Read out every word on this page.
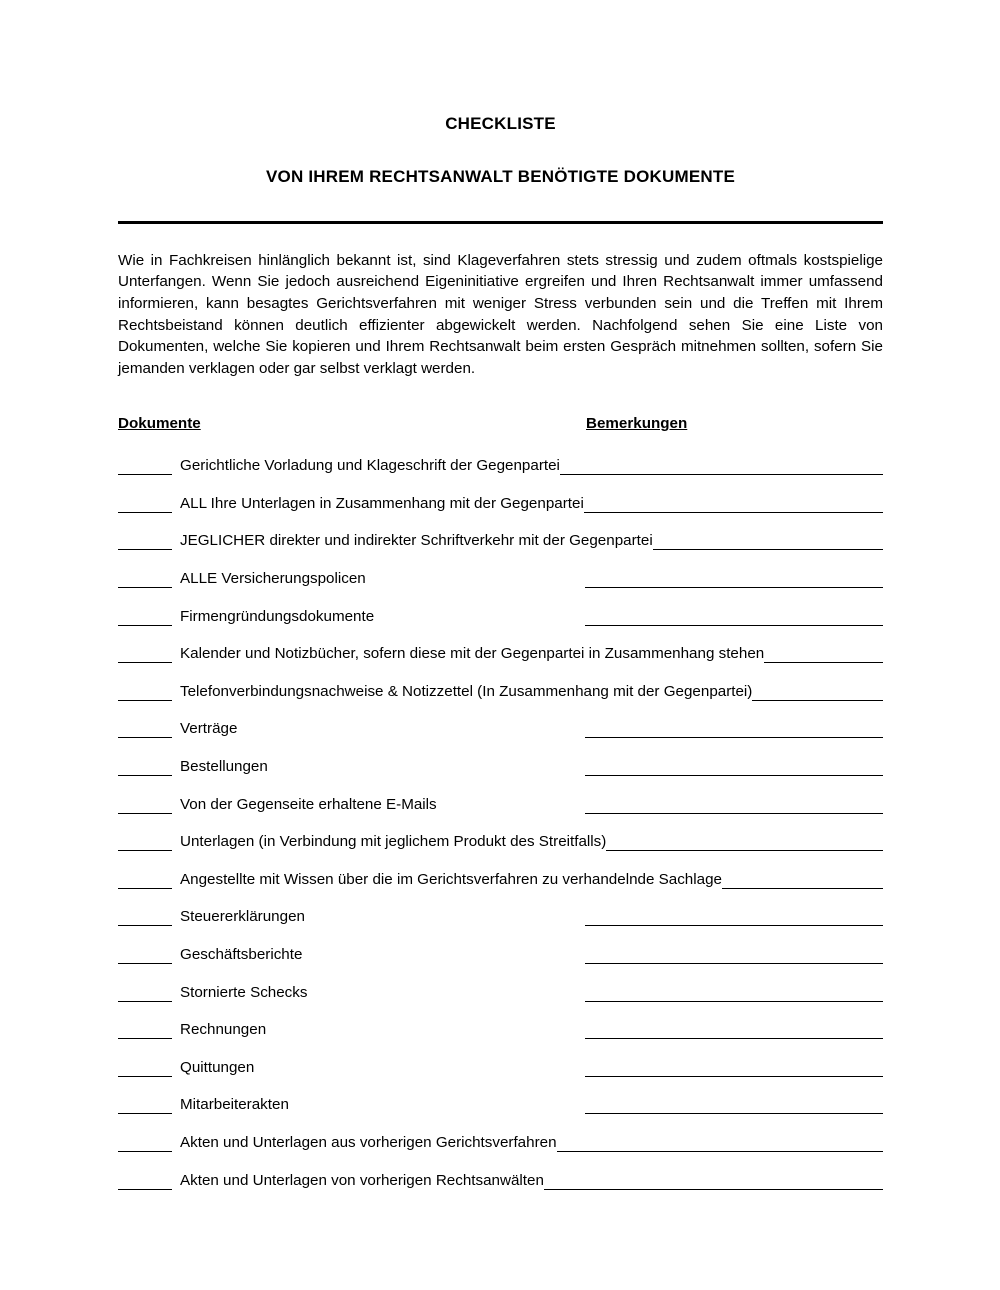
CHECKLISTE
VON IHREM RECHTSANWALT BENÖTIGTE DOKUMENTE

Wie in Fachkreisen hinlänglich bekannt ist, sind Klageverfahren stets stressig und zudem oftmals kostspielige Unterfangen. Wenn Sie jedoch ausreichend Eigeninitiative ergreifen und Ihren Rechtsanwalt immer umfassend informieren, kann besagtes Gerichtsverfahren mit weniger Stress verbunden sein und die Treffen mit Ihrem Rechtsbeistand können deutlich effizienter abgewickelt werden. Nachfolgend sehen Sie eine Liste von Dokumenten, welche Sie kopieren und Ihrem Rechtsanwalt beim ersten Gespräch mitnehmen sollten, sofern Sie jemanden verklagen oder gar selbst verklagt werden.

Dokumente	Bemerkungen
Gerichtliche Vorladung und Klageschrift der Gegenpartei
ALL Ihre Unterlagen in Zusammenhang mit der Gegenpartei
JEGLICHER direkter und indirekter Schriftverkehr mit der Gegenpartei
ALLE Versicherungspolicen
Firmengründungsdokumente
Kalender und Notizbücher, sofern diese mit der Gegenpartei in Zusammenhang stehen
Telefonverbindungsnachweise & Notizzettel (In Zusammenhang mit der Gegenpartei)
Verträge
Bestellungen
Von der Gegenseite erhaltene E-Mails
Unterlagen (in Verbindung mit jeglichem Produkt des Streitfalls)
Angestellte mit Wissen über die im Gerichtsverfahren zu verhandelnde Sachlage
Steuererklärungen
Geschäftsberichte
Stornierte Schecks
Rechnungen
Quittungen
Mitarbeiterakten
Akten und Unterlagen aus vorherigen Gerichtsverfahren
Akten und Unterlagen von vorherigen Rechtsanwälten
